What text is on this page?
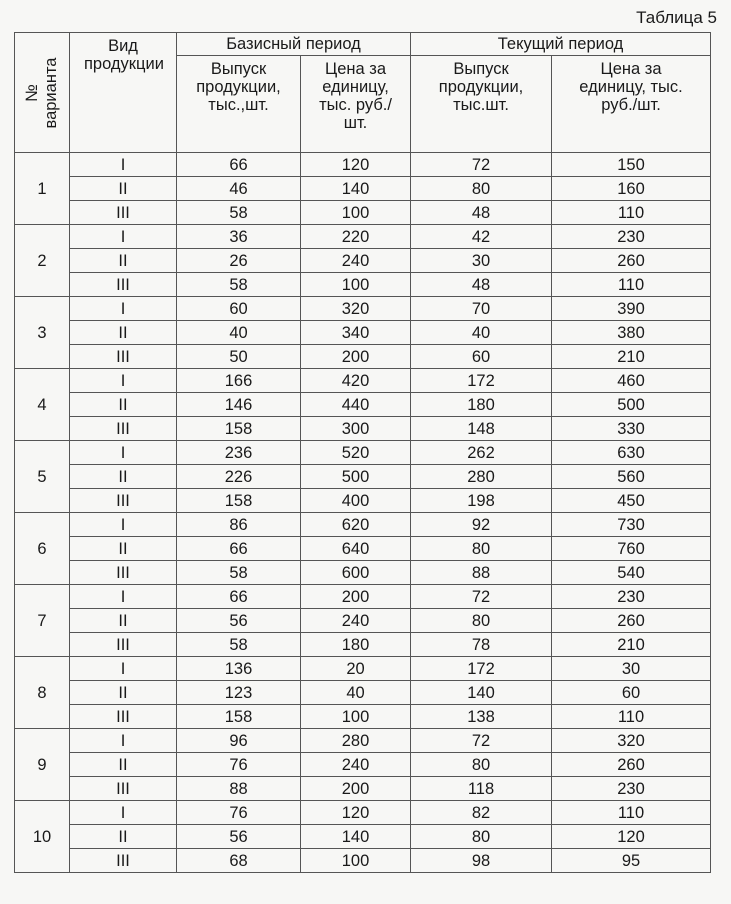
Таблица 5
№
варианта	Вид продукции	Базисный период		Текущий период	
		Выпуск продукции, тыс.,шт.	Цена за единицу, тыс. руб./шт.	Выпуск продукции, тыс.шт.	Цена за единицу, тыс. руб./шт.
1	I	66	120	72	150
	II	46	140	80	160
	III	58	100	48	110
2	I	36	220	42	230
	II	26	240	30	260
	III	58	100	48	110
3	I	60	320	70	390
	II	40	340	40	380
	III	50	200	60	210
4	I	166	420	172	460
	II	146	440	180	500
	III	158	300	148	330
5	I	236	520	262	630
	II	226	500	280	560
	III	158	400	198	450
6	I	86	620	92	730
	II	66	640	80	760
	III	58	600	88	540
7	I	66	200	72	230
	II	56	240	80	260
	III	58	180	78	210
8	I	136	20	172	30
	II	123	40	140	60
	III	158	100	138	110
9	I	96	280	72	320
	II	76	240	80	260
	III	88	200	118	230
10	I	76	120	82	110
	II	56	140	80	120
	III	68	100	98	95
